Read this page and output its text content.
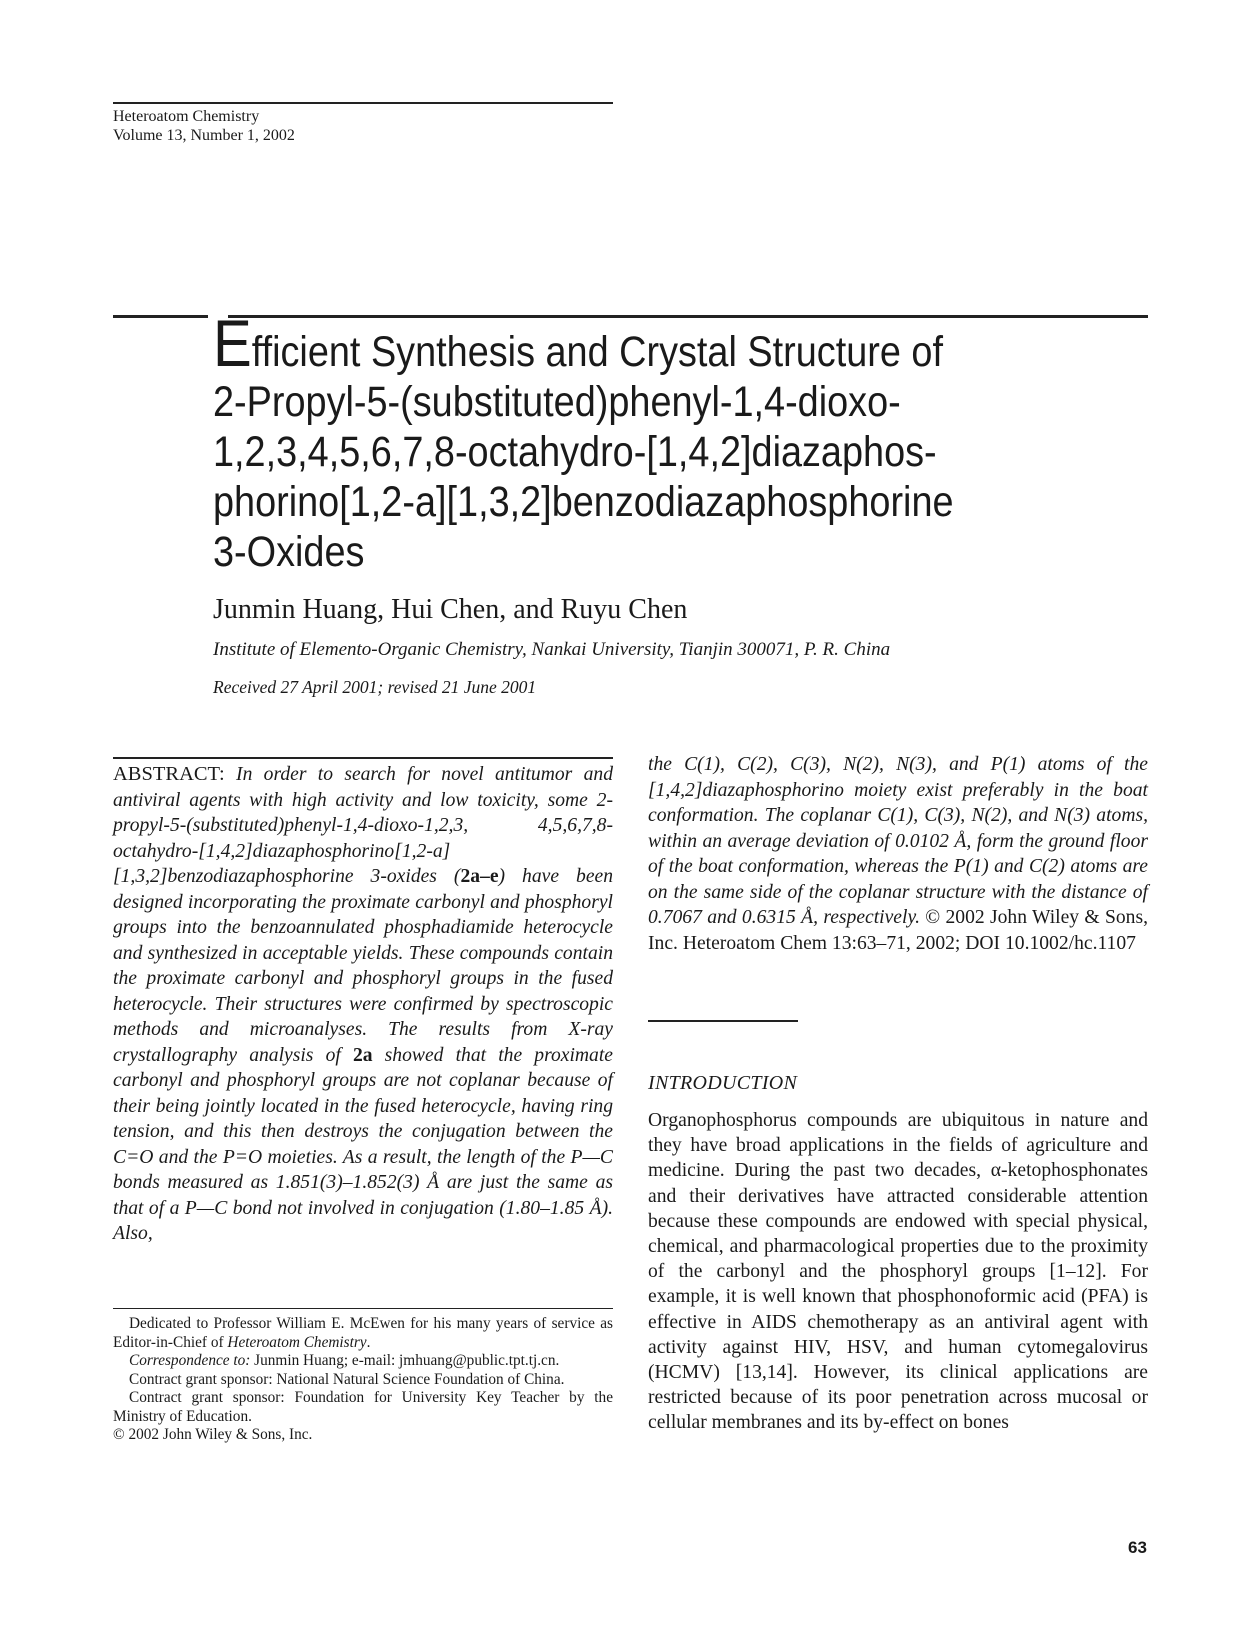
Heteroatom Chemistry
Volume 13, Number 1, 2002
Efficient Synthesis and Crystal Structure of
2-Propyl-5-(substituted)phenyl-1,4-dioxo-
1,2,3,4,5,6,7,8-octahydro-[1,4,2]diazaphos-
phorino[1,2-a][1,3,2]benzodiazaphosphorine
3-Oxides
Junmin Huang, Hui Chen, and Ruyu Chen
Institute of Elemento-Organic Chemistry, Nankai University, Tianjin 300071, P. R. China
Received 27 April 2001; revised 21 June 2001

ABSTRACT: In order to search for novel antitumor and antiviral agents with high activity and low toxicity, some 2-propyl-5-(substituted)phenyl-1,4-dioxo-1,2,3, 4,5,6,7,8-octahydro-[1,4,2]diazaphosphorino[1,2-a] [1,3,2]benzodiazaphosphorine 3-oxides (2a–e) have been designed incorporating the proximate carbonyl and phosphoryl groups into the benzoannulated phosphadiamide heterocycle and synthesized in acceptable yields. These compounds contain the proximate carbonyl and phosphoryl groups in the fused heterocycle. Their structures were confirmed by spectroscopic methods and microanalyses. The results from X-ray crystallography analysis of 2a showed that the proximate carbonyl and phosphoryl groups are not coplanar because of their being jointly located in the fused heterocycle, having ring tension, and this then destroys the conjugation between the C=O and the P=O moieties. As a result, the length of the P—C bonds measured as 1.851(3)–1.852(3) Å are just the same as that of a P—C bond not involved in conjugation (1.80–1.85 Å). Also,

the C(1), C(2), C(3), N(2), N(3), and P(1) atoms of the [1,4,2]diazaphosphorino moiety exist preferably in the boat conformation. The coplanar C(1), C(3), N(2), and N(3) atoms, within an average deviation of 0.0102 Å, form the ground floor of the boat conformation, whereas the P(1) and C(2) atoms are on the same side of the coplanar structure with the distance of 0.7067 and 0.6315 Å, respectively. © 2002 John Wiley & Sons, Inc. Heteroatom Chem 13:63–71, 2002; DOI 10.1002/hc.1107

INTRODUCTION

Organophosphorus compounds are ubiquitous in nature and they have broad applications in the fields of agriculture and medicine. During the past two decades, α-ketophosphonates and their derivatives have attracted considerable attention because these compounds are endowed with special physical, chemical, and pharmacological properties due to the proximity of the carbonyl and the phosphoryl groups [1–12]. For example, it is well known that phosphonoformic acid (PFA) is effective in AIDS chemotherapy as an antiviral agent with activity against HIV, HSV, and human cytomegalovirus (HCMV) [13,14]. However, its clinical applications are restricted because of its poor penetration across mucosal or cellular membranes and its by-effect on bones

Dedicated to Professor William E. McEwen for his many years of service as Editor-in-Chief of Heteroatom Chemistry.

Correspondence to: Junmin Huang; e-mail: jmhuang@public.tpt.tj.cn.

Contract grant sponsor: National Natural Science Foundation of China.

Contract grant sponsor: Foundation for University Key Teacher by the Ministry of Education.

© 2002 John Wiley & Sons, Inc.

63
